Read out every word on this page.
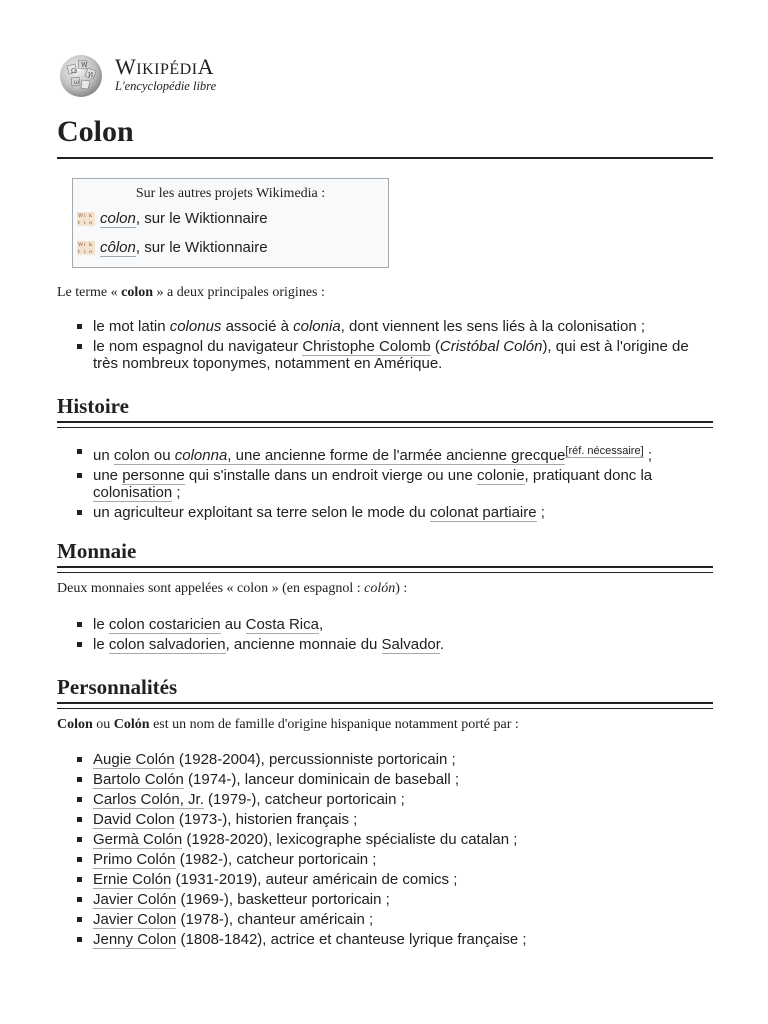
Ω
W
И
ω
WIKIPÉDIA
L'encyclopédie libre
Colon
Sur les autres projets Wikimedia :
W i k
t i o colon , sur le Wiktionnaire
W i k
t i o côlon , sur le Wiktionnaire

Le terme « colon » a deux principales origines :

le mot latin colonus associé à colonia, dont viennent les sens liés à la colonisation ;
le nom espagnol du navigateur Christophe Colomb (Cristóbal Colón), qui est à l'origine de très nombreux toponymes, notamment en Amérique.
Histoire
un colon ou colonna, une ancienne forme de l'armée ancienne grecque[réf. nécessaire] ;
une personne qui s'installe dans un endroit vierge ou une colonie, pratiquant donc la colonisation ;
un agriculteur exploitant sa terre selon le mode du colonat partiaire ;
Monnaie

Deux monnaies sont appelées « colon » (en espagnol : colón) :

le colon costaricien au Costa Rica,
le colon salvadorien, ancienne monnaie du Salvador.
Personnalités

Colon ou Colón est un nom de famille d'origine hispanique notamment porté par :

Augie Colón (1928-2004), percussionniste portoricain ;
Bartolo Colón (1974-), lanceur dominicain de baseball ;
Carlos Colón, Jr. (1979-), catcheur portoricain ;
David Colon (1973-), historien français ;
Germà Colón (1928-2020), lexicographe spécialiste du catalan ;
Primo Colón (1982-), catcheur portoricain ;
Ernie Colón (1931-2019), auteur américain de comics ;
Javier Colón (1969-), basketteur portoricain ;
Javier Colon (1978-), chanteur américain ;
Jenny Colon (1808-1842), actrice et chanteuse lyrique française ;
